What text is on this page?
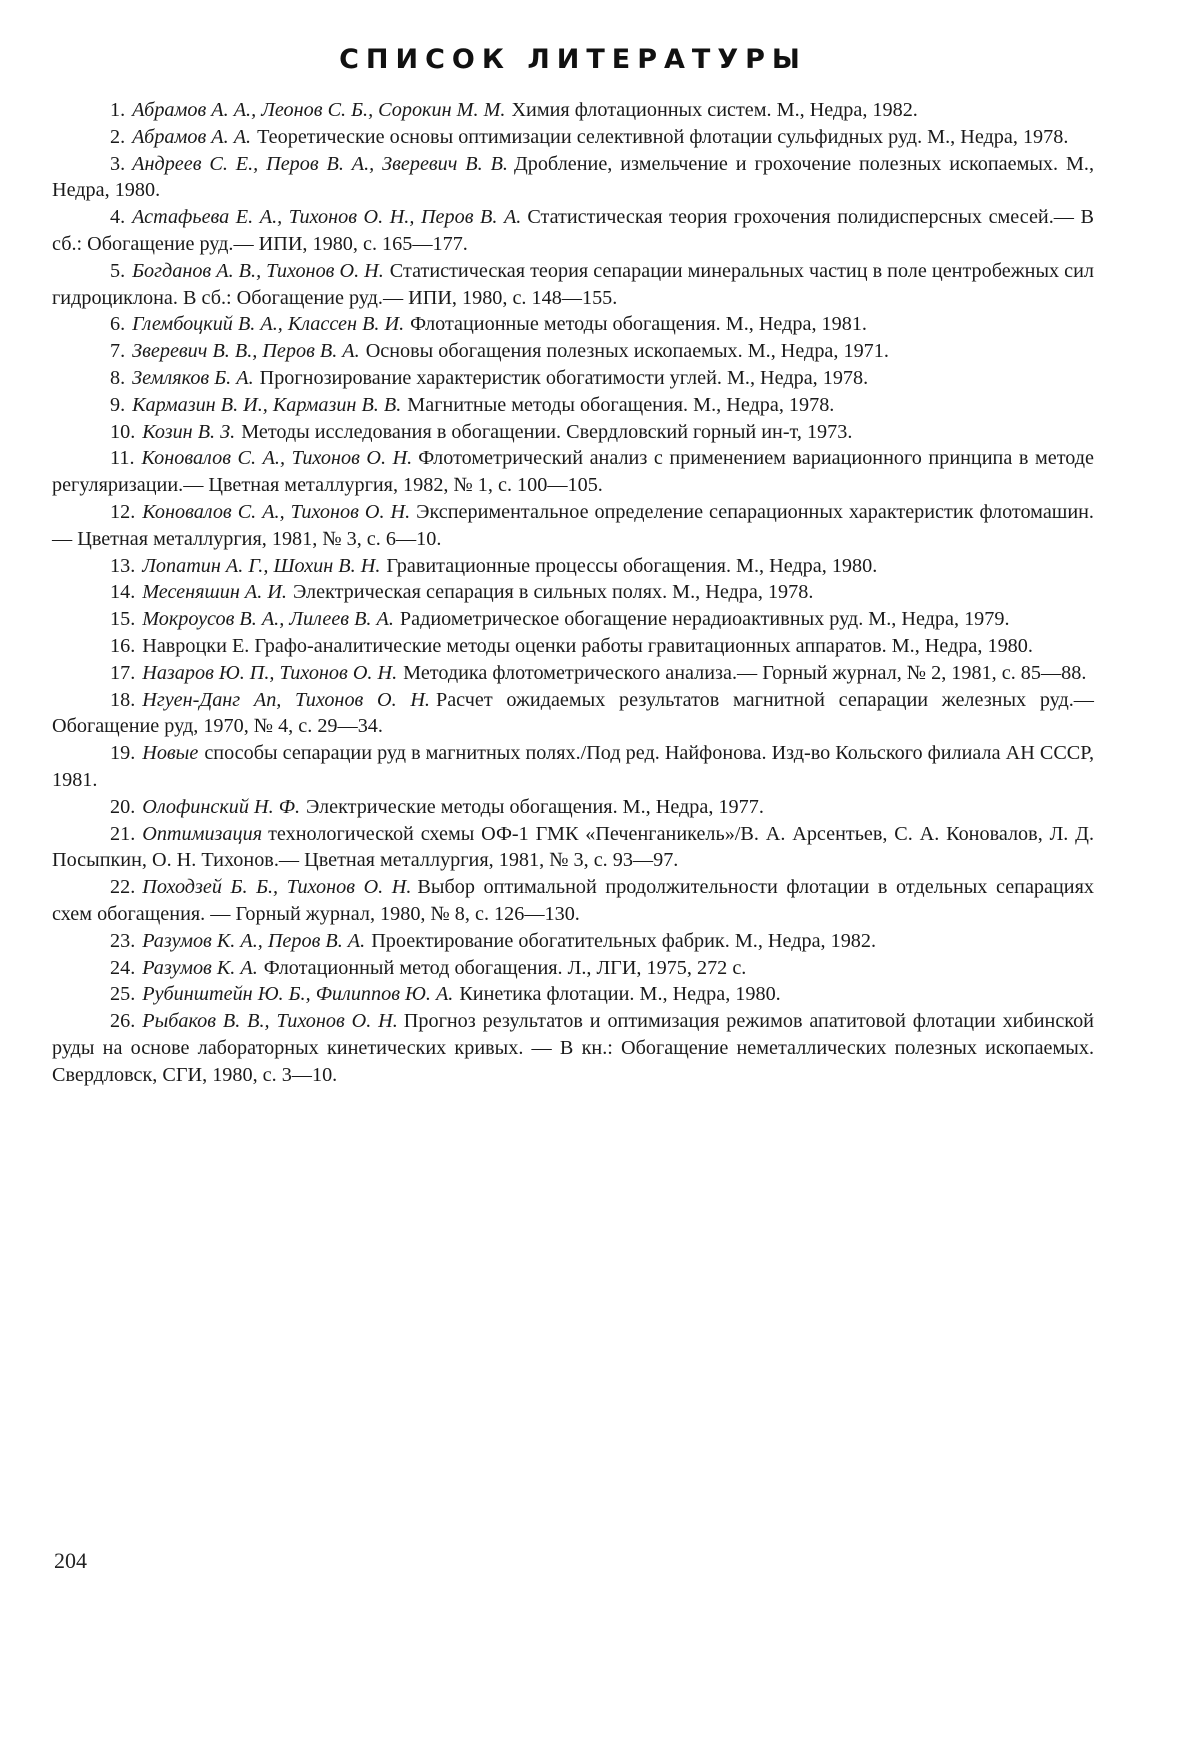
СПИСОК ЛИТЕРАТУРЫ

1. Абрамов А. А., Леонов С. Б., Сорокин М. М. Химия флотационных систем. М., Недра, 1982.

2. Абрамов А. А. Теоретические основы оптимизации селективной флотации сульфидных руд. М., Недра, 1978.

3. Андреев С. Е., Перов В. А., Зверевич В. В. Дробление, измельчение и грохочение полезных ископаемых. М., Недра, 1980.

4. Астафьева Е. А., Тихонов О. Н., Перов В. А. Статистическая теория грохочения полидисперсных смесей.— В сб.: Обогащение руд.— ИПИ, 1980, с. 165—177.

5. Богданов А. В., Тихонов О. Н. Статистическая теория сепарации минеральных частиц в поле центробежных сил гидроциклона. В сб.: Обогащение руд.— ИПИ, 1980, с. 148—155.

6. Глембоцкий В. А., Классен В. И. Флотационные методы обогащения. М., Недра, 1981.

7. Зверевич В. В., Перов В. А. Основы обогащения полезных ископаемых. М., Недра, 1971.

8. Земляков Б. А. Прогнозирование характеристик обогатимости углей. М., Недра, 1978.

9. Кармазин В. И., Кармазин В. В. Магнитные методы обогащения. М., Недра, 1978.

10. Козин В. З. Методы исследования в обогащении. Свердловский горный ин-т, 1973.

11. Коновалов С. А., Тихонов О. Н. Флотометрический анализ с применением вариационного принципа в методе регуляризации.— Цветная металлургия, 1982, № 1, с. 100—105.

12. Коновалов С. А., Тихонов О. Н. Экспериментальное определение сепарационных характеристик флотомашин.— Цветная металлургия, 1981, № 3, с. 6—10.

13. Лопатин А. Г., Шохин В. Н. Гравитационные процессы обогащения. М., Недра, 1980.

14. Месеняшин А. И. Электрическая сепарация в сильных полях. М., Недра, 1978.

15. Мокроусов В. А., Лилеев В. А. Радиометрическое обогащение нерадиоактивных руд. М., Недра, 1979.

16. Навроцки Е. Графо-аналитические методы оценки работы гравитационных аппаратов. М., Недра, 1980.

17. Назаров Ю. П., Тихонов О. Н. Методика флотометрического анализа.— Горный журнал, № 2, 1981, с. 85—88.

18. Нгуен-Данг Ап, Тихонов О. Н. Расчет ожидаемых результатов магнитной сепарации железных руд.— Обогащение руд, 1970, № 4, с. 29—34.

19. Новые способы сепарации руд в магнитных полях./Под ред. Найфонова. Изд-во Кольского филиала АН СССР, 1981.

20. Олофинский Н. Ф. Электрические методы обогащения. М., Недра, 1977.

21. Оптимизация технологической схемы ОФ-1 ГМК «Печенганикель»/В. А. Арсентьев, С. А. Коновалов, Л. Д. Посыпкин, О. Н. Тихонов.— Цветная металлургия, 1981, № 3, с. 93—97.

22. Походзей Б. Б., Тихонов О. Н. Выбор оптимальной продолжительности флотации в отдельных сепарациях схем обогащения. — Горный журнал, 1980, № 8, с. 126—130.

23. Разумов К. А., Перов В. А. Проектирование обогатительных фабрик. М., Недра, 1982.

24. Разумов К. А. Флотационный метод обогащения. Л., ЛГИ, 1975, 272 с.

25. Рубинштейн Ю. Б., Филиппов Ю. А. Кинетика флотации. М., Недра, 1980.

26. Рыбаков В. В., Тихонов О. Н. Прогноз результатов и оптимизация режимов апатитовой флотации хибинской руды на основе лабораторных кинетических кривых. — В кн.: Обогащение неметаллических полезных ископаемых. Свердловск, СГИ, 1980, с. 3—10.

204
